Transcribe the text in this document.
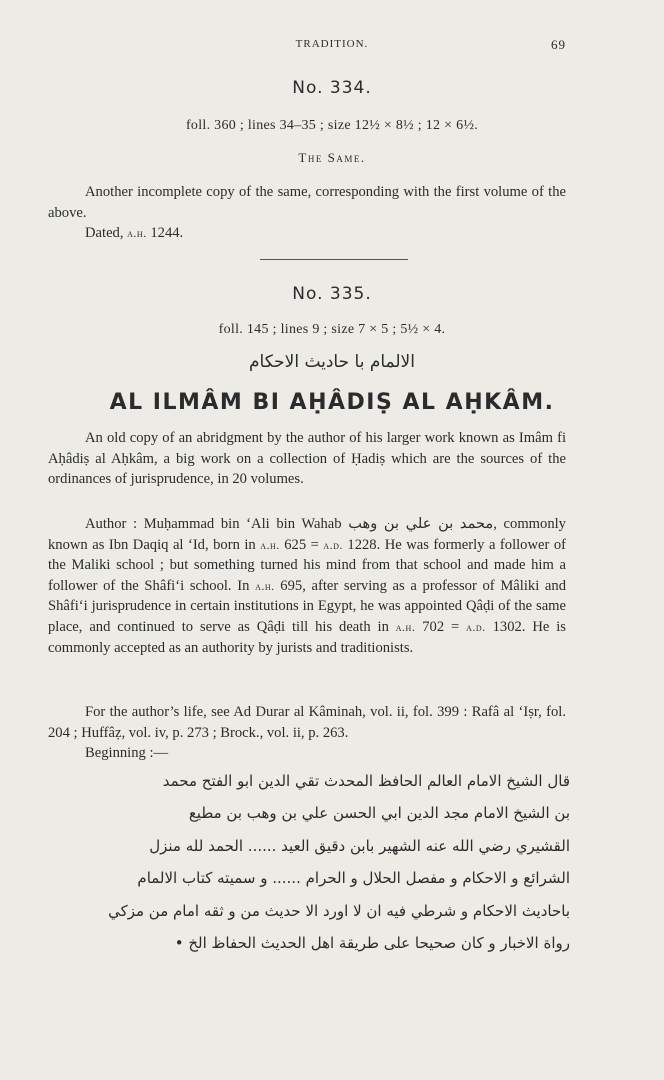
TRADITION.	69
No. 334.
foll. 360 ; lines 34–35 ; size 12½ × 8½ ; 12 × 6½.
The Same.
Another incomplete copy of the same, corresponding with the first volume of the above.
Dated, a.h. 1244.
No. 335.
foll. 145 ; lines 9 ; size 7 × 5 ; 5½ × 4.
الالمام با حاديث الاحكام
AL ILMÂM BI AḤÂDIṢ AL AḤKÂM.
An old copy of an abridgment by the author of his larger work known as Imâm fi Aḥâdiṣ al Aḥkâm, a big work on a collection of Ḥadiṣ which are the sources of the ordinances of jurisprudence, in 20 volumes.
Author : Muḥammad bin ‘Ali bin Wahab محمد بن علي بن وهب, commonly known as Ibn Daqiq al ‘Id, born in a.h. 625 = a.d. 1228. He was formerly a follower of the Maliki school ; but something turned his mind from that school and made him a follower of the Shâfi‘i school. In a.h. 695, after serving as a professor of Mâliki and Shâfi‘i jurisprudence in certain institutions in Egypt, he was appointed Qâḍi of the same place, and continued to serve as Qâḍi till his death in a.h. 702 = a.d. 1302. He is commonly accepted as an authority by jurists and traditionists.
For the author’s life, see Ad Durar al Kâminah, vol. ii, fol. 399 : Rafâ al ‘Iṣr, fol. 204 ; Huffâẓ, vol. iv, p. 273 ; Brock., vol. ii, p. 263.
Beginning :—
قال الشيخ الامام العالم الحافظ المحدث تقي الدين ابو الفتح محمد
بن الشيخ الامام مجد الدين ابي الحسن علي بن وهب بن مطيع
القشيري رضي الله عنه الشهير بابن دقيق العيد ...... الحمد لله منزل
الشرائع و الاحكام و مفصل الحلال و الحرام ...... و سميته كتاب الالمام
باحاديث الاحكام و شرطي فيه ان لا اورد الا حديث من و ثقه امام من مزكي
رواة الاخبار و كان صحيحا على طريقة اهل الحديث الحفاظ الخ •
